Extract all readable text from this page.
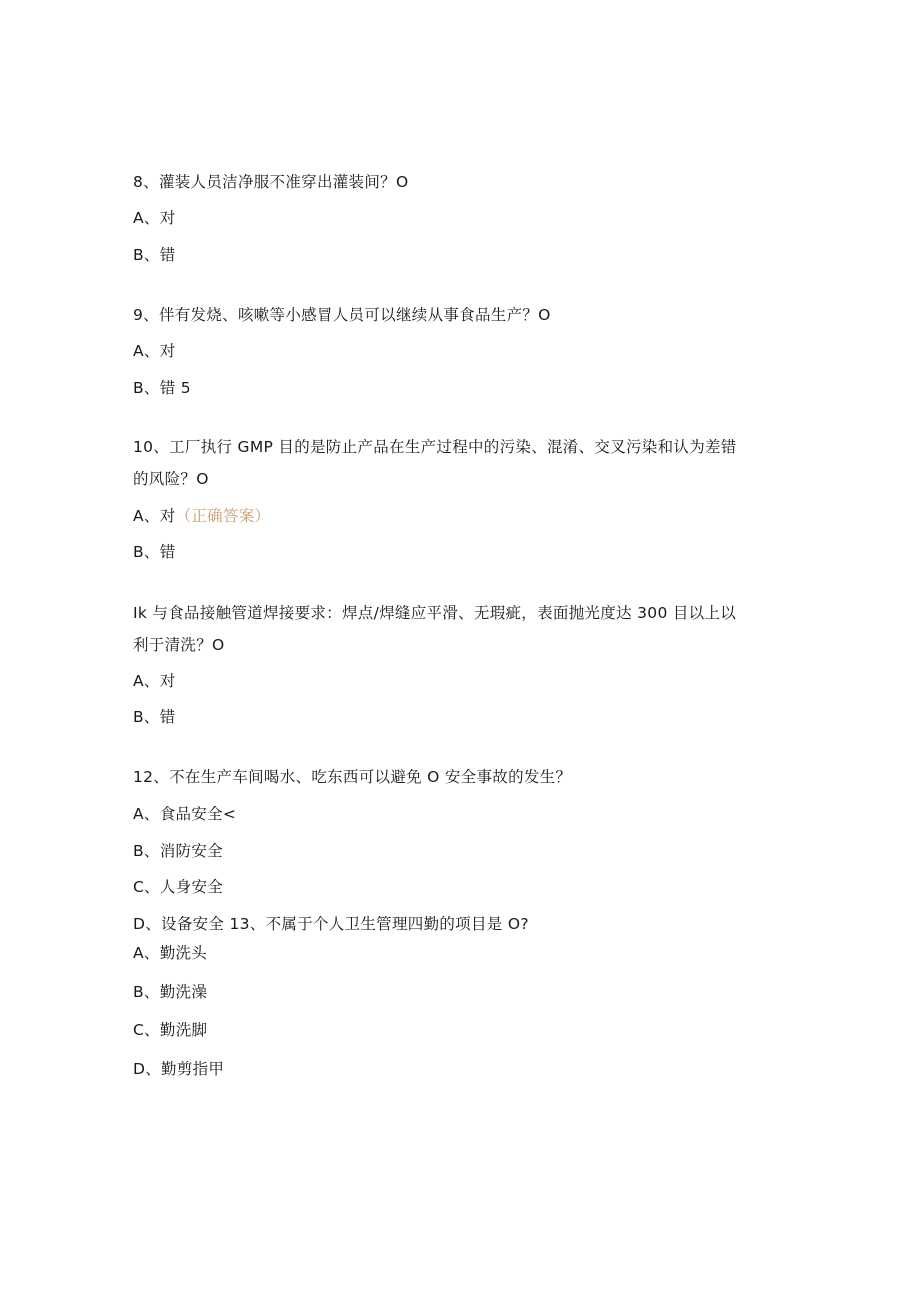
8、灌装人员洁净服不准穿出灌装间？O
A、对
B、错
9、伴有发烧、咳嗽等小感冒人员可以继续从事食品生产？O
A、对
B、错 5
10、工厂执行 GMP 目的是防止产品在生产过程中的污染、混淆、交叉污染和认为差错
的风险？O
A、对（正确答案）
B、错
Ik 与食品接触管道焊接要求：焊点/焊缝应平滑、无瑕疵，表面抛光度达 300 目以上以
利于清洗？O
A、对
B、错
12、不在生产车间喝水、吃东西可以避免 O 安全事故的发生？
A、食品安全<
B、消防安全
C、人身安全
D、设备安全 13、不属于个人卫生管理四勤的项目是 O?
A、勤洗头
B、勤洗澡
C、勤洗脚
D、勤剪指甲
